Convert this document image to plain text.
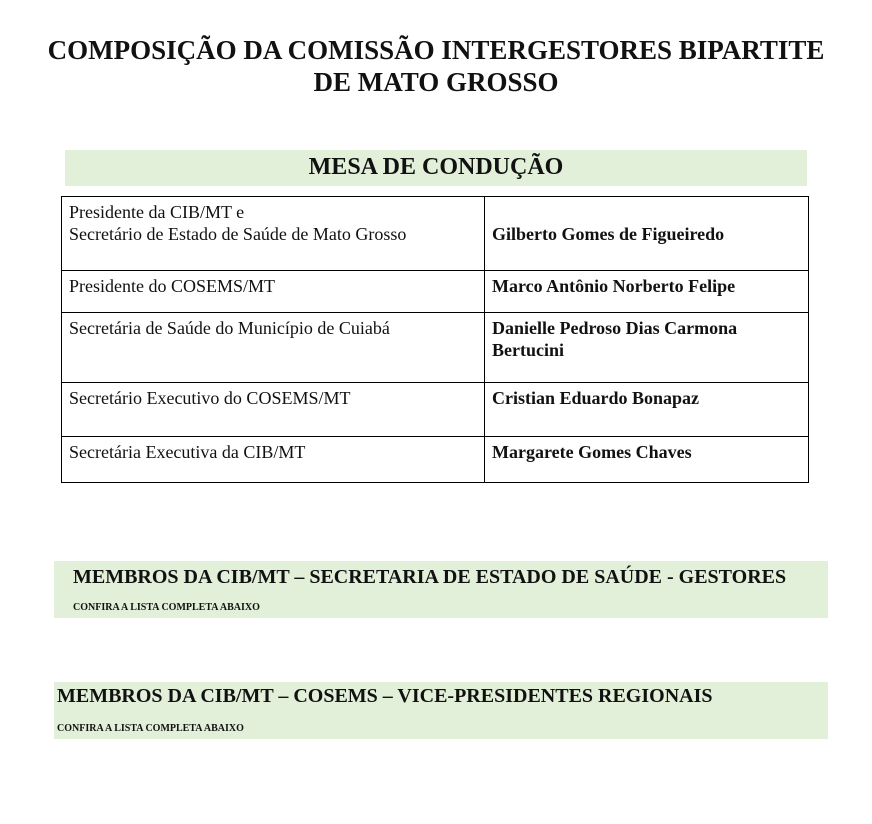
COMPOSIÇÃO DA COMISSÃO INTERGESTORES BIPARTITE
DE MATO GROSSO
MESA DE CONDUÇÃO
Presidente da CIB/MT e
Secretário de Estado de Saúde de Mato Grosso	Gilberto Gomes de Figueiredo

Presidente do COSEMS/MT	Marco Antônio Norberto Felipe

Secretária de Saúde do Município de Cuiabá	Danielle Pedroso Dias Carmona
Bertucini

Secretário Executivo do COSEMS/MT	Cristian Eduardo Bonapaz

Secretária Executiva da CIB/MT	Margarete Gomes Chaves
MEMBROS DA CIB/MT – SECRETARIA DE ESTADO DE SAÚDE - GESTORES
CONFIRA A LISTA COMPLETA ABAIXO
MEMBROS DA CIB/MT – COSEMS – VICE-PRESIDENTES REGIONAIS
CONFIRA A LISTA COMPLETA ABAIXO
